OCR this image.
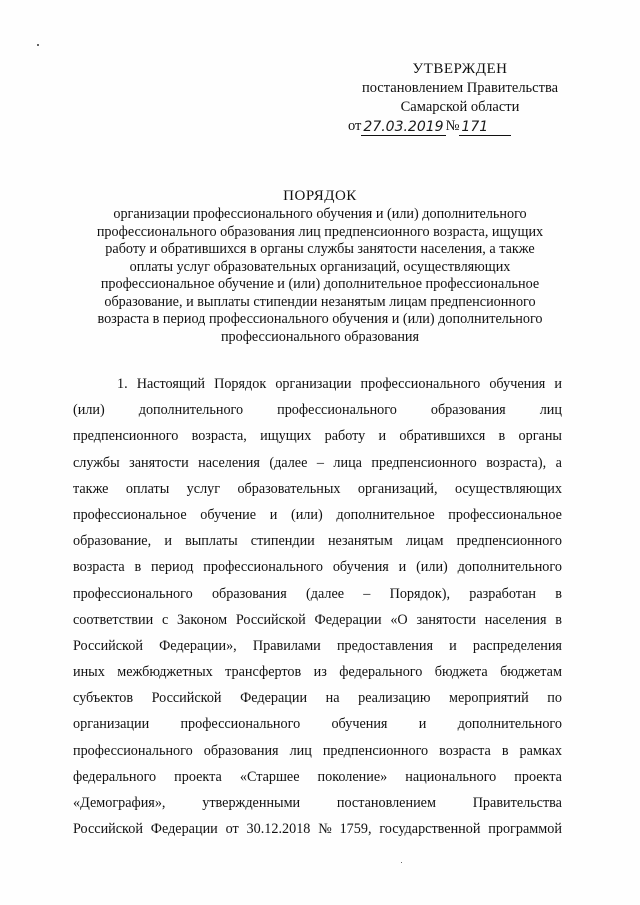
УТВЕРЖДЕН
постановлением Правительства
Самарской области
от 27.03.2019 № 171
ПОРЯДОК
организации профессионального обучения и (или) дополнительного
профессионального образования лиц предпенсионного возраста, ищущих
работу и обратившихся в органы службы занятости населения, а также
оплаты услуг образовательных организаций, осуществляющих
профессиональное обучение и (или) дополнительное профессиональное
образование, и выплаты стипендии незанятым лицам предпенсионного
возраста в период профессионального обучения и (или) дополнительного
профессионального образования
1. Настоящий Порядок организации профессионального обучения и
(или) дополнительного профессионального образования лиц
предпенсионного возраста, ищущих работу и обратившихся в органы
службы занятости населения (далее – лица предпенсионного возраста), а
также оплаты услуг образовательных организаций, осуществляющих
профессиональное обучение и (или) дополнительное профессиональное
образование, и выплаты стипендии незанятым лицам предпенсионного
возраста в период профессионального обучения и (или) дополнительного
профессионального образования (далее – Порядок), разработан в
соответствии с Законом Российской Федерации «О занятости населения в
Российской Федерации», Правилами предоставления и распределения
иных межбюджетных трансфертов из федерального бюджета бюджетам
субъектов Российской Федерации на реализацию мероприятий по
организации профессионального обучения и дополнительного
профессионального образования лиц предпенсионного возраста в рамках
федерального проекта «Старшее поколение» национального проекта
«Демография»,	утвержденными	постановлением	Правительства
Российской Федерации от 30.12.2018 № 1759, государственной программой
